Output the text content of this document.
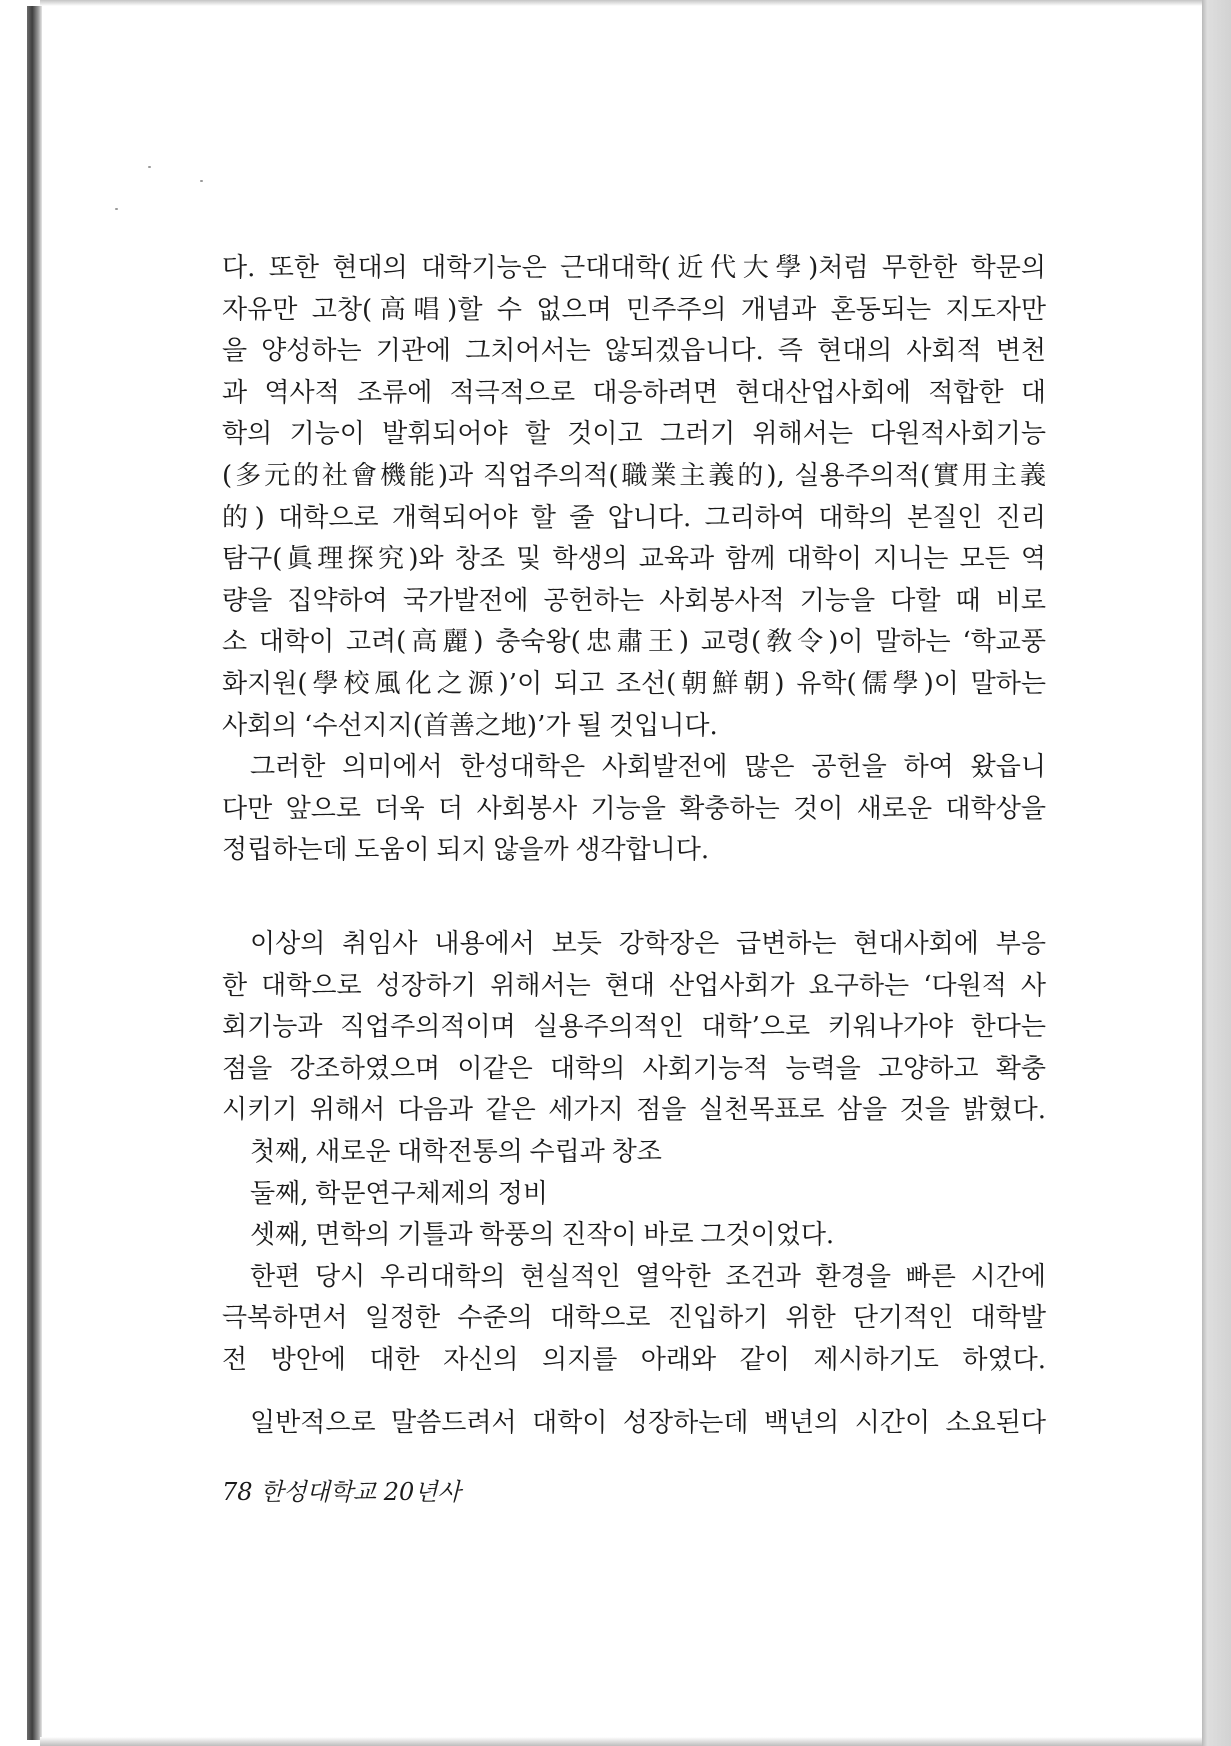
다. 또한 현대의 대학기능은 근대대학(近代大學)처럼 무한한 학문의
자유만 고창(高唱)할 수 없으며 민주주의 개념과 혼동되는 지도자만
을 양성하는 기관에 그치어서는 않되겠읍니다. 즉 현대의 사회적 변천
과 역사적 조류에 적극적으로 대응하려면 현대산업사회에 적합한 대
학의 기능이 발휘되어야 할 것이고 그러기 위해서는 다원적사회기능
(多元的社會機能)과 직업주의적(職業主義的), 실용주의적(實用主義
的) 대학으로 개혁되어야 할 줄 압니다. 그리하여 대학의 본질인 진리
탐구(眞理探究)와 창조 및 학생의 교육과 함께 대학이 지니는 모든 역
량을 집약하여 국가발전에 공헌하는 사회봉사적 기능을 다할 때 비로
소 대학이 고려(高麗) 충숙왕(忠肅王) 교령(敎令)이 말하는 ‘학교풍
화지원(學校風化之源)’이 되고 조선(朝鮮朝) 유학(儒學)이 말하는
사회의 ‘수선지지(首善之地)’가 될 것입니다.
그러한 의미에서 한성대학은 사회발전에 많은 공헌을 하여 왔읍니
다만 앞으로 더욱 더 사회봉사 기능을 확충하는 것이 새로운 대학상을
정립하는데 도움이 되지 않을까 생각합니다.
이상의 취임사 내용에서 보듯 강학장은 급변하는 현대사회에 부응
한 대학으로 성장하기 위해서는 현대 산업사회가 요구하는 ‘다원적 사
회기능과 직업주의적이며 실용주의적인 대학’으로 키워나가야 한다는
점을 강조하였으며 이같은 대학의 사회기능적 능력을 고양하고 확충
시키기 위해서 다음과 같은 세가지 점을 실천목표로 삼을 것을 밝혔다.
첫째, 새로운 대학전통의 수립과 창조
둘째, 학문연구체제의 정비
셋째, 면학의 기틀과 학풍의 진작이 바로 그것이었다.
한편 당시 우리대학의 현실적인 열악한 조건과 환경을 빠른 시간에
극복하면서 일정한 수준의 대학으로 진입하기 위한 단기적인 대학발
전 방안에 대한 자신의 의지를 아래와 같이 제시하기도 하였다.
일반적으로 말씀드려서 대학이 성장하는데 백년의 시간이 소요된다
78 한성대학교 20년사
